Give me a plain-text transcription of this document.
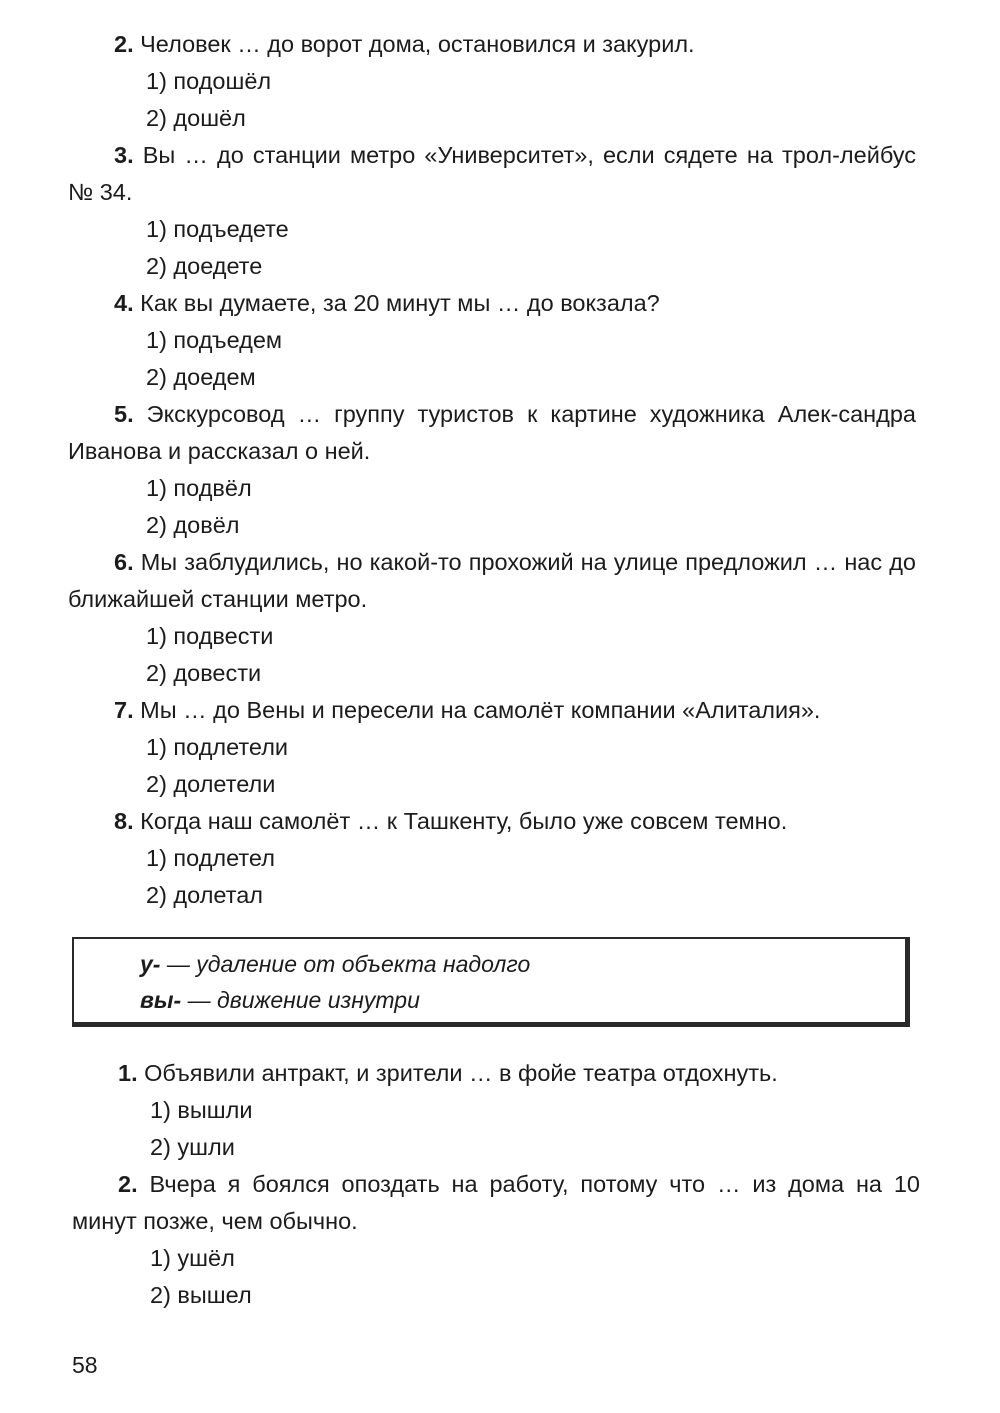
2. Человек … до ворот дома, остановился и закурил.

1) подошёл

2) дошёл

3. Вы … до станции метро «Университет», если сядете на трол-лейбус № 34.

1) подъедете

2) доедете

4. Как вы думаете, за 20 минут мы … до вокзала?

1) подъедем

2) доедем

5. Экскурсовод … группу туристов к картине художника Алек-сандра Иванова и рассказал о ней.

1) подвёл

2) довёл

6. Мы заблудились, но какой-то прохожий на улице предложил … нас до ближайшей станции метро.

1) подвести

2) довести

7. Мы … до Вены и пересели на самолёт компании «Алиталия».

1) подлетели

2) долетели

8. Когда наш самолёт … к Ташкенту, было уже совсем темно.

1) подлетел

2) долетал

у- — удаление от объекта надолго

вы- — движение изнутри

1. Объявили антракт, и зрители … в фойе театра отдохнуть.

1) вышли

2) ушли

2. Вчера я боялся опоздать на работу, потому что … из дома на 10 минут позже, чем обычно.

1) ушёл

2) вышел

58
